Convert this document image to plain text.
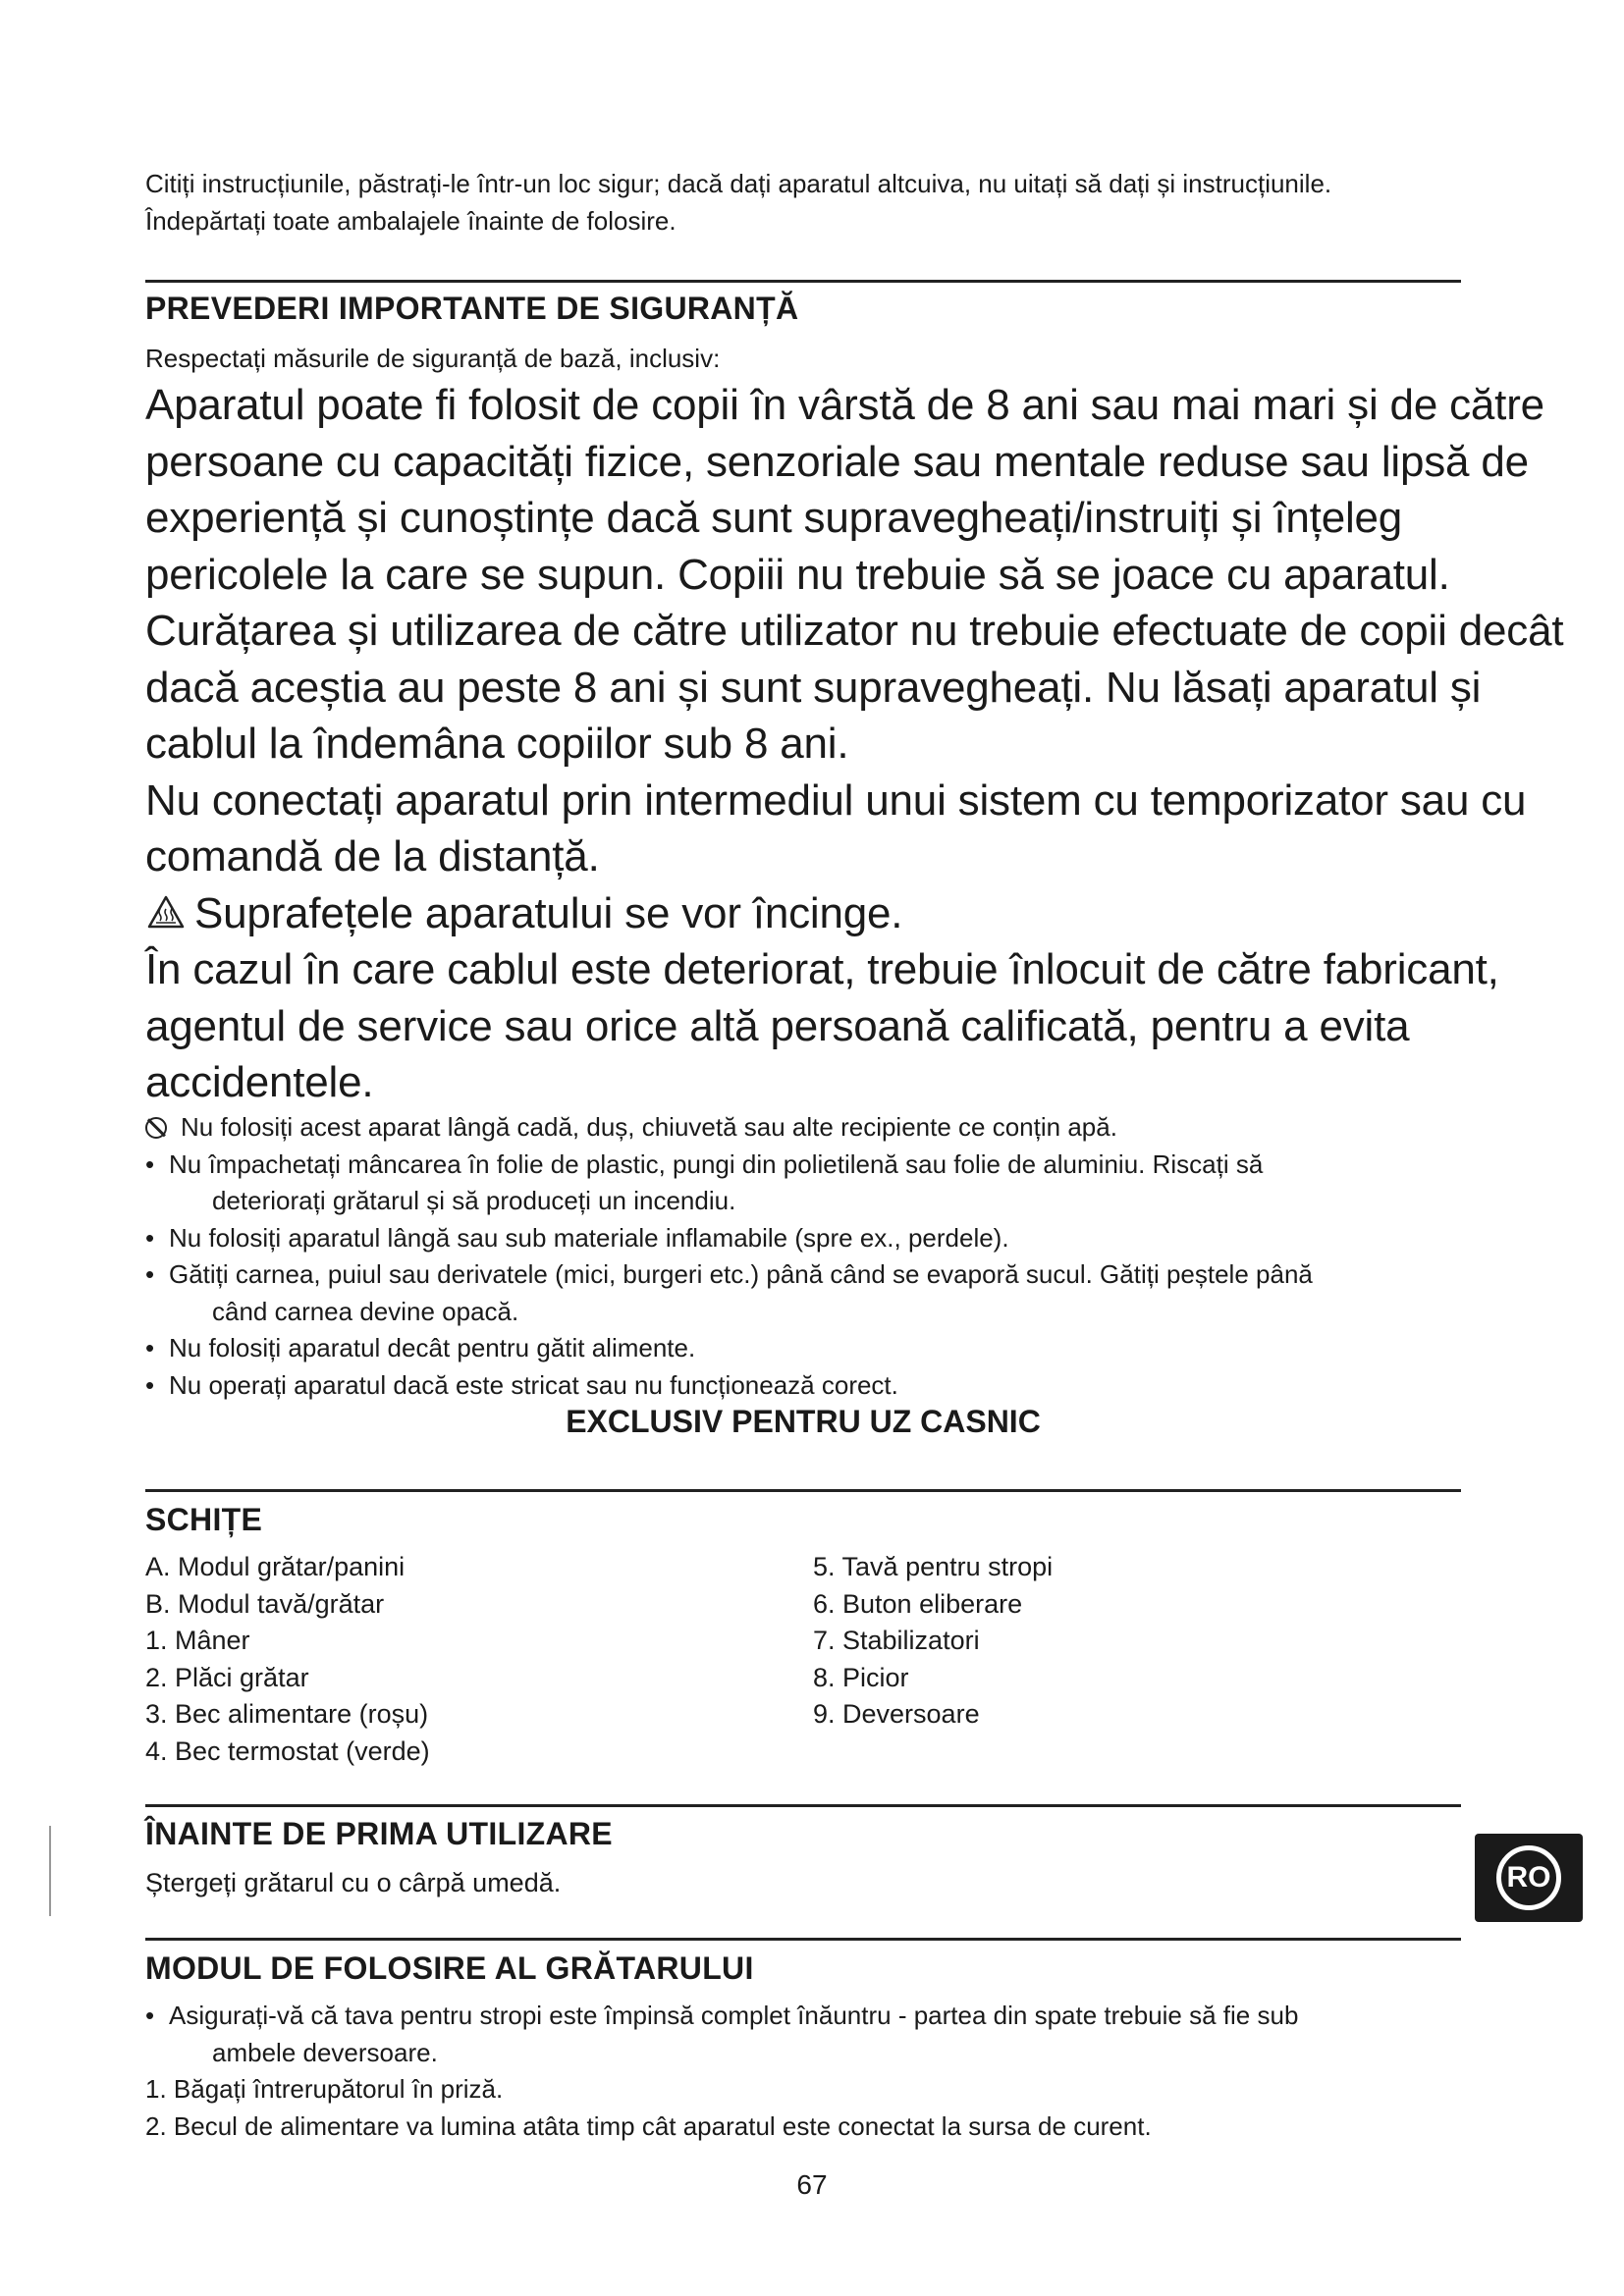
Citiți instrucțiunile, păstrați-le într-un loc sigur; dacă dați aparatul altcuiva, nu uitați să dați și instrucțiunile.
Îndepărtați toate ambalajele înainte de folosire.
PREVEDERI IMPORTANTE DE SIGURANȚĂ
Respectați măsurile de siguranță de bază, inclusiv:
Aparatul poate fi folosit de copii în vârstă de 8 ani sau mai mari și de către
persoane cu capacități fizice, senzoriale sau mentale reduse sau lipsă de
experiență și cunoștințe dacă sunt supravegheați/instruiți și înțeleg
pericolele la care se supun. Copiii nu trebuie să se joace cu aparatul.
Curățarea și utilizarea de către utilizator nu trebuie efectuate de copii decât
dacă aceștia au peste 8 ani și sunt supravegheați. Nu lăsați aparatul și
cablul la îndemâna copiilor sub 8 ani.
Nu conectați aparatul prin intermediul unui sistem cu temporizator sau cu
comandă de la distanță.
Suprafețele aparatului se vor încinge.
În cazul în care cablul este deteriorat, trebuie înlocuit de către fabricant,
agentul de service sau orice altă persoană calificată, pentru a evita
accidentele.
Nu folosiți acest aparat lângă cadă, duș, chiuvetă sau alte recipiente ce conțin apă.
• Nu împachetați mâncarea în folie de plastic, pungi din polietilenă sau folie de aluminiu. Riscați să
deteriorați grătarul și să produceți un incendiu.
• Nu folosiți aparatul lângă sau sub materiale inflamabile (spre ex., perdele).
• Gătiți carnea, puiul sau derivatele (mici, burgeri etc.) până când se evaporă sucul. Gătiți peștele până
când carnea devine opacă.
• Nu folosiți aparatul decât pentru gătit alimente.
• Nu operați aparatul dacă este stricat sau nu funcționează corect.
EXCLUSIV PENTRU UZ CASNIC
SCHIȚE
A. Modul grătar/panini
B. Modul tavă/grătar
1. Mâner
2. Plăci grătar
3. Bec alimentare (roșu)
4. Bec termostat (verde)
5. Tavă pentru stropi
6. Buton eliberare
7. Stabilizatori
8. Picior
9. Deversoare
ÎNAINTE DE PRIMA UTILIZARE
Ștergeți grătarul cu o cârpă umedă.
MODUL DE FOLOSIRE AL GRĂTARULUI
• Asigurați-vă că tava pentru stropi este împinsă complet înăuntru - partea din spate trebuie să fie sub
ambele deversoare.
1. Băgați întrerupătorul în priză.
2. Becul de alimentare va lumina atâta timp cât aparatul este conectat la sursa de curent.
RO
67
